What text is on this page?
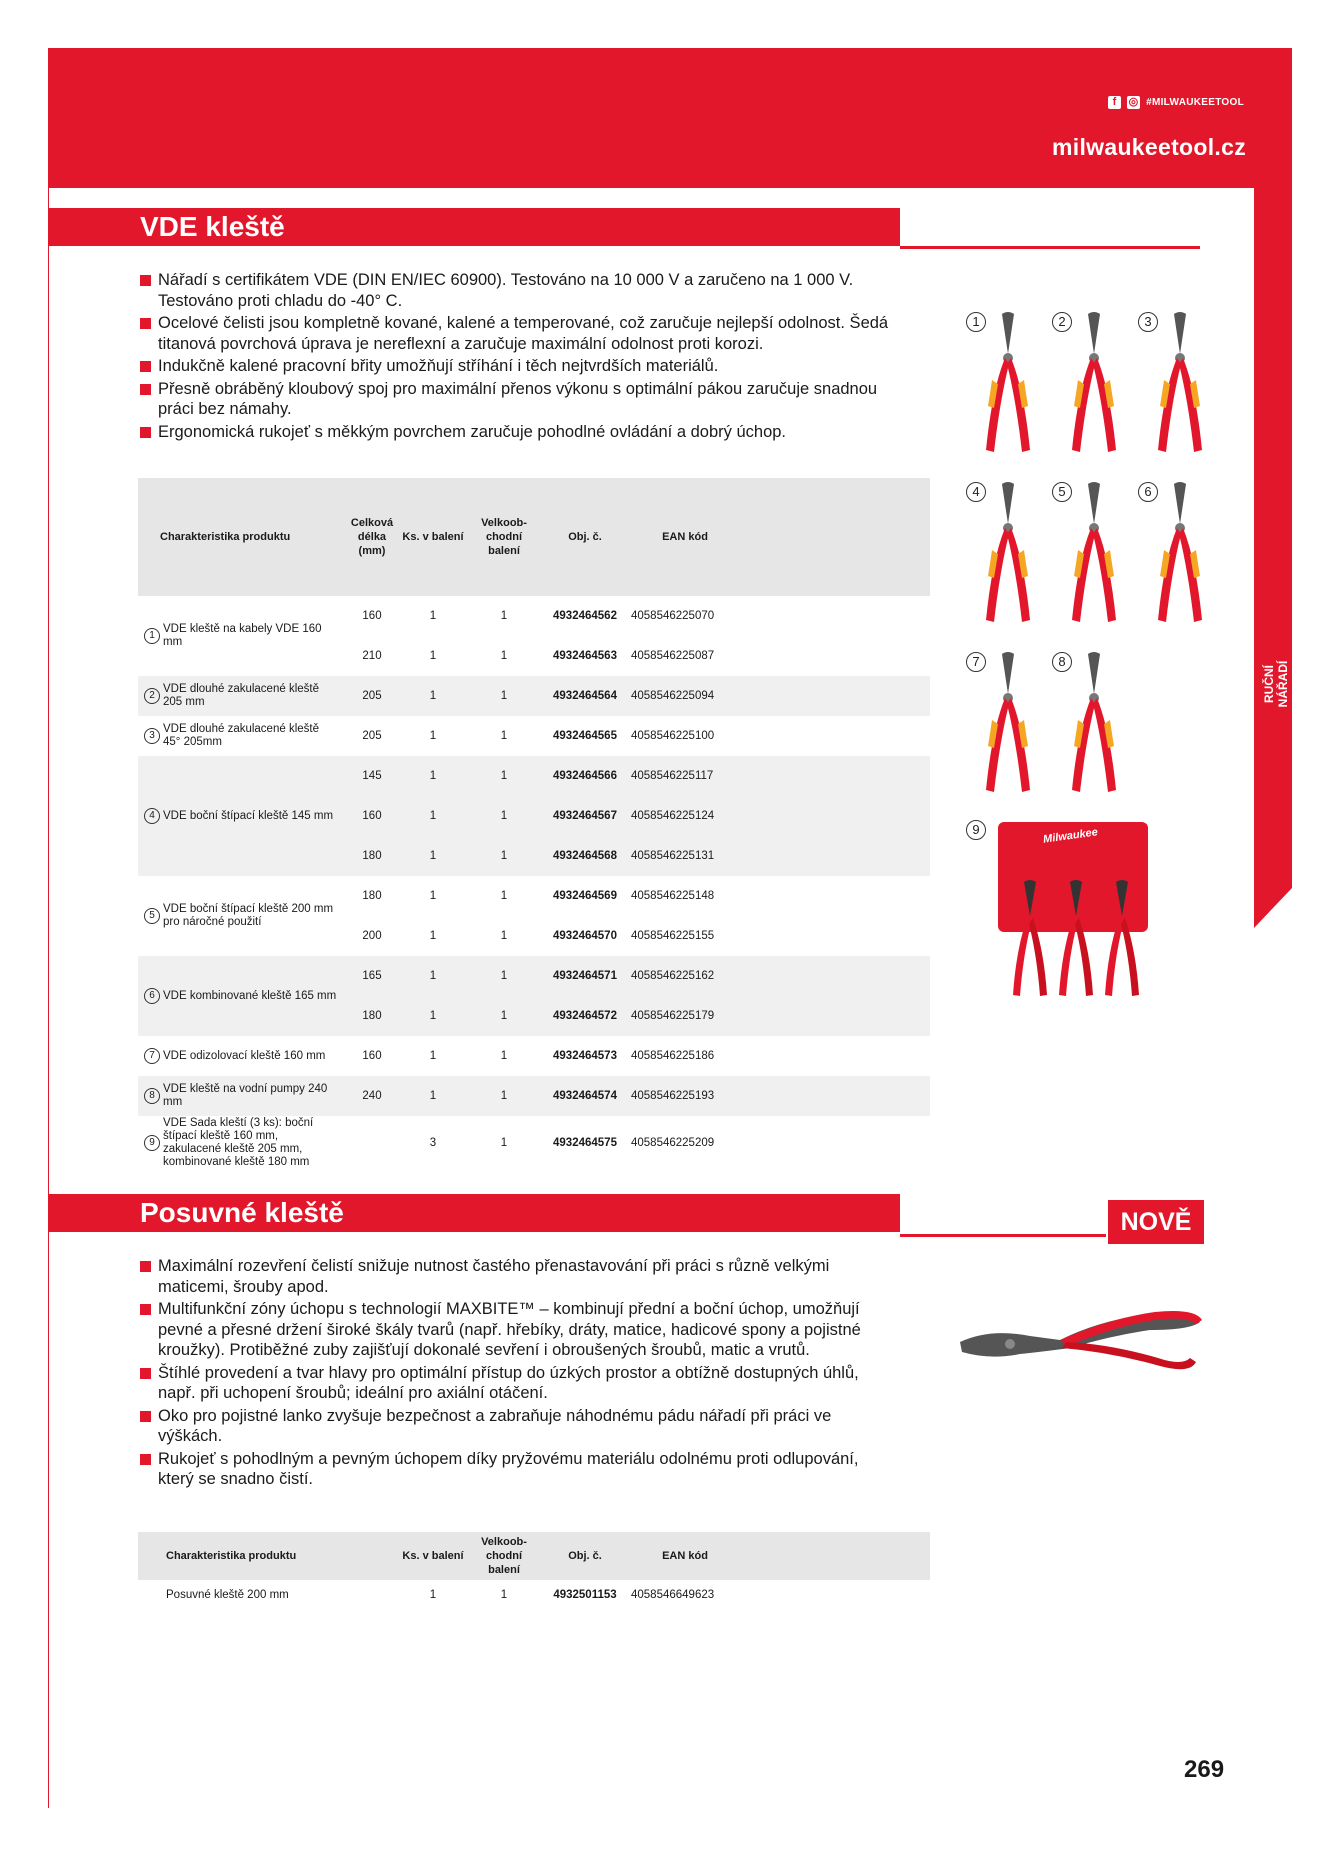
f	◎ #MILWAUKEETOOL
milwaukeetool.cz
RUČNÍ NÁŘADÍ
VDE kleště
Nářadí s certifikátem VDE (DIN EN/IEC 60900). Testováno na 10 000 V a zaručeno na 1 000 V. Testováno proti chladu do -40° C.
Ocelové čelisti jsou kompletně kované, kalené a temperované, což zaručuje nejlepší odolnost. Šedá titanová povrchová úprava je nereflexní a zaručuje maximální odolnost proti korozi.
Indukčně kalené pracovní břity umožňují stříhání i těch nejtvrdších materiálů.
Přesně obráběný kloubový spoj pro maximální přenos výkonu s optimální pákou zaručuje snadnou práci bez námahy.
Ergonomická rukojeť s měkkým povrchem zaručuje pohodlné ovládání a dobrý úchop.
Charakteristika produktu	Celková délka (mm)	Ks. v balení	Velkoob-chodní balení	Obj. č.	EAN kód	

1
VDE kleště na kabely VDE 160 mm	160	1	1	4932464562	4058546225070	
	210	1	1	4932464563	4058546225087	

2
VDE dlouhé zakulacené kleště 205 mm	205	1	1	4932464564	4058546225094	

3
VDE dlouhé zakulacené kleště 45° 205mm	205	1	1	4932464565	4058546225100	

4 VDE boční štípací kleště 145 mm	145	1	1	4932464566	4058546225117	
	160	1	1	4932464567	4058546225124	
	180	1	1	4932464568	4058546225131	

5
VDE boční štípací kleště 200 mm pro náročné použití	180	1	1	4932464569	4058546225148	
	200	1	1	4932464570	4058546225155	

6 VDE kombinované kleště 165 mm	165	1	1	4932464571	4058546225162	
	180	1	1	4932464572	4058546225179	

7 VDE odizolovací kleště 160 mm	160	1	1	4932464573	4058546225186	

8
VDE kleště na vodní pumpy 240 mm	240	1	1	4932464574	4058546225193	

9
VDE Sada kleští (3 ks): boční štípací kleště 160 mm, zakulacené kleště 205 mm, kombinované kleště 180 mm		3	1	4932464575	4058546225209	
1	2	3
4	5	6
7	8
9	Milwaukee
Posuvné kleště	NOVĚ
Maximální rozevření čelistí snižuje nutnost častého přenastavování při práci s různě velkými maticemi, šrouby apod.
Multifunkční zóny úchopu s technologií MAXBITE™ – kombinují přední a boční úchop, umožňují pevné a přesné držení široké škály tvarů (např. hřebíky, dráty, matice, hadicové spony a pojistné kroužky). Protiběžné zuby zajišťují dokonalé sevření i obroušených šroubů, matic a vrutů.
Štíhlé provedení a tvar hlavy pro optimální přístup do úzkých prostor a obtížně dostupných úhlů, např. při uchopení šroubů; ideální pro axiální otáčení.
Oko pro pojistné lanko zvyšuje bezpečnost a zabraňuje náhodnému pádu nářadí při práci ve výškách.
Rukojeť s pohodlným a pevným úchopem díky pryžovému materiálu odolnému proti odlupování, který se snadno čistí.
Charakteristika produktu	Ks. v balení	Velkoob-chodní balení	Obj. č.	EAN kód	
Posuvné kleště 200 mm	1	1	4932501153	4058546649623	
269
